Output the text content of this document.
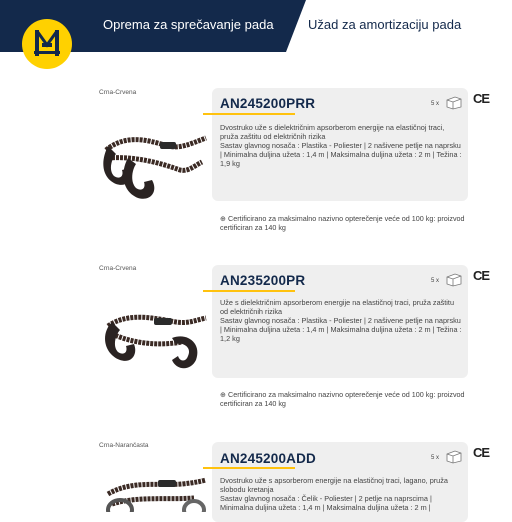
Oprema za sprečavanje pada	Užad za amortizaciju pada
Crna-Crvena
AN245200PRR	5 x	CE
Dvostruko uže s dielektričnim apsorberom energije na elastičnoj traci, pruža zaštitu od električnih rizika
Sastav glavnog nosača : Plastika - Poliester | 2 našivene petlje na naprsku | Minimalna duljina užeta : 1,4 m | Maksimalna duljina užeta : 2 m | Težina : 1,9 kg
⊕ Certificirano za maksimalno nazivno opterečenje veće od 100 kg: proizvod certificiran za 140 kg
Crna-Crvena
AN235200PR	5 x	CE
Uže s dielektričnim apsorberom energije na elastičnoj traci, pruža zaštitu od električnih rizika
Sastav glavnog nosača : Plastika - Poliester | 2 našivene petlje na naprsku | Minimalna duljina užeta : 1,4 m | Maksimalna duljina užeta : 2 m | Težina : 1,2 kg
⊕ Certificirano za maksimalno nazivno opterečenje veće od 100 kg: proizvod certificiran za 140 kg
Crna-Narančasta
AN245200ADD	5 x	CE
Dvostruko uže s apsorberom energije na elastičnoj traci, lagano, pruža slobodu kretanja
Sastav glavnog nosača : Čelik - Poliester | 2 petlje na naprscima | Minimalna duljina užeta : 1,4 m | Maksimalna duljina užeta : 2 m |
